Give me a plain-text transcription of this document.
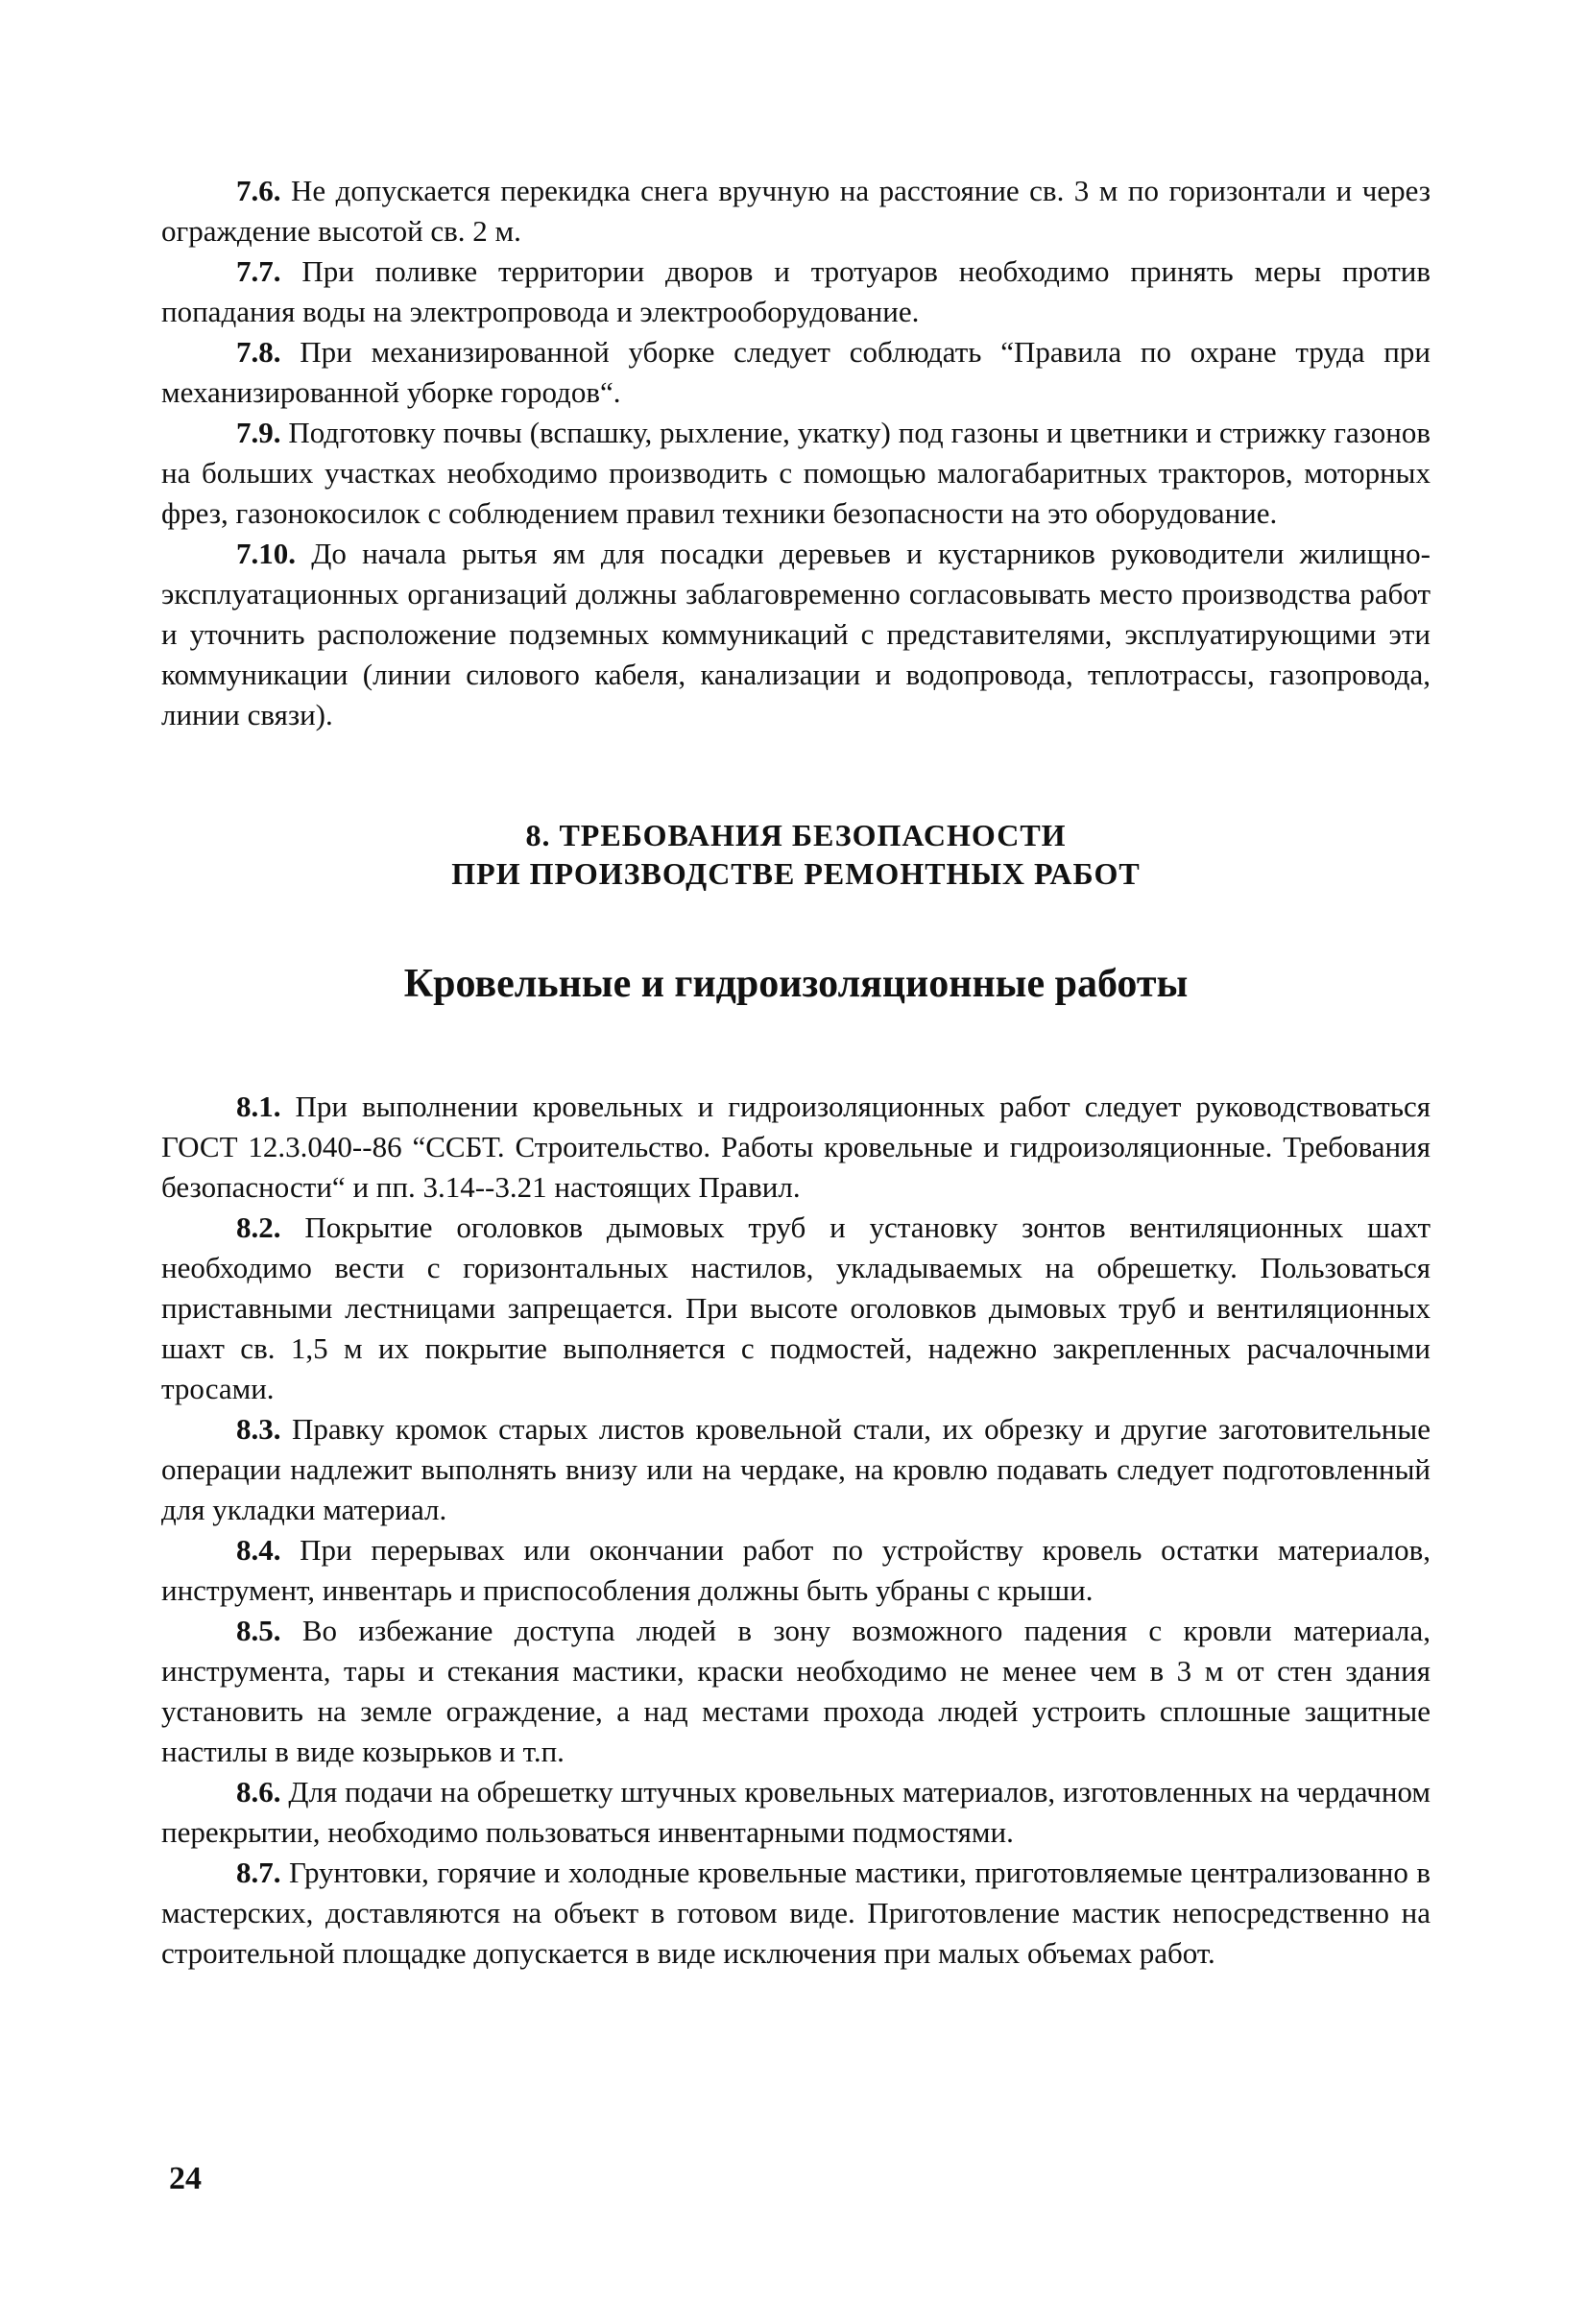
7.6. Не допускается перекидка снега вручную на расстояние св. 3 м по горизонтали и через ограждение высотой св. 2 м.

7.7. При поливке территории дворов и тротуаров необходимо принять меры против попадания воды на электропровода и электрооборудование.

7.8. При механизированной уборке следует соблюдать “Правила по охране труда при механизированной уборке городов“.

7.9. Подготовку почвы (вспашку, рыхление, укатку) под газоны и цветники и стрижку газонов на больших участках необходимо производить с помощью малогабаритных тракторов, моторных фрез, газонокосилок с соблюдением правил техники безопасности на это оборудование.

7.10. До начала рытья ям для посадки деревьев и кустарников руководители жилищно-эксплуатационных организаций должны заблаговременно согласовывать место производства работ и уточнить расположение подземных коммуникаций с представителями, эксплуатирующими эти коммуникации (линии силового кабеля, канализации и водопровода, теплотрассы, газопровода, линии связи).

8. ТРЕБОВАНИЯ БЕЗОПАСНОСТИ
ПРИ ПРОИЗВОДСТВЕ РЕМОНТНЫХ РАБОТ
Кровельные и гидроизоляционные работы

8.1. При выполнении кровельных и гидроизоляционных работ следует руководствоваться ГОСТ 12.3.040--86 “ССБТ. Строительство. Работы кровельные и гидроизоляционные. Требования безопасности“ и пп. 3.14--3.21 настоящих Правил.

8.2. Покрытие оголовков дымовых труб и установку зонтов вентиляционных шахт необходимо вести с горизонтальных настилов, укладываемых на обрешетку. Пользоваться приставными лестницами запрещается. При высоте оголовков дымовых труб и вентиляционных шахт св. 1,5 м их покрытие выполняется с подмостей, надежно закрепленных расчалочными тросами.

8.3. Правку кромок старых листов кровельной стали, их обрезку и другие заготовительные операции надлежит выполнять внизу или на чердаке, на кровлю подавать следует подготовленный для укладки материал.

8.4. При перерывах или окончании работ по устройству кровель остатки материалов, инструмент, инвентарь и приспособления должны быть убраны с крыши.

8.5. Во избежание доступа людей в зону возможного падения с кровли материала, инструмента, тары и стекания мастики, краски необходимо не менее чем в 3 м от стен здания установить на земле ограждение, а над местами прохода людей устроить сплошные защитные настилы в виде козырьков и т.п.

8.6. Для подачи на обрешетку штучных кровельных материалов, изготовленных на чердачном перекрытии, необходимо пользоваться инвентарными подмостями.

8.7. Грунтовки, горячие и холодные кровельные мастики, приготовляемые централизованно в мастерских, доставляются на объект в готовом виде. Приготовление мастик непосредственно на строительной площадке допускается в виде исключения при малых объемах работ.

24
